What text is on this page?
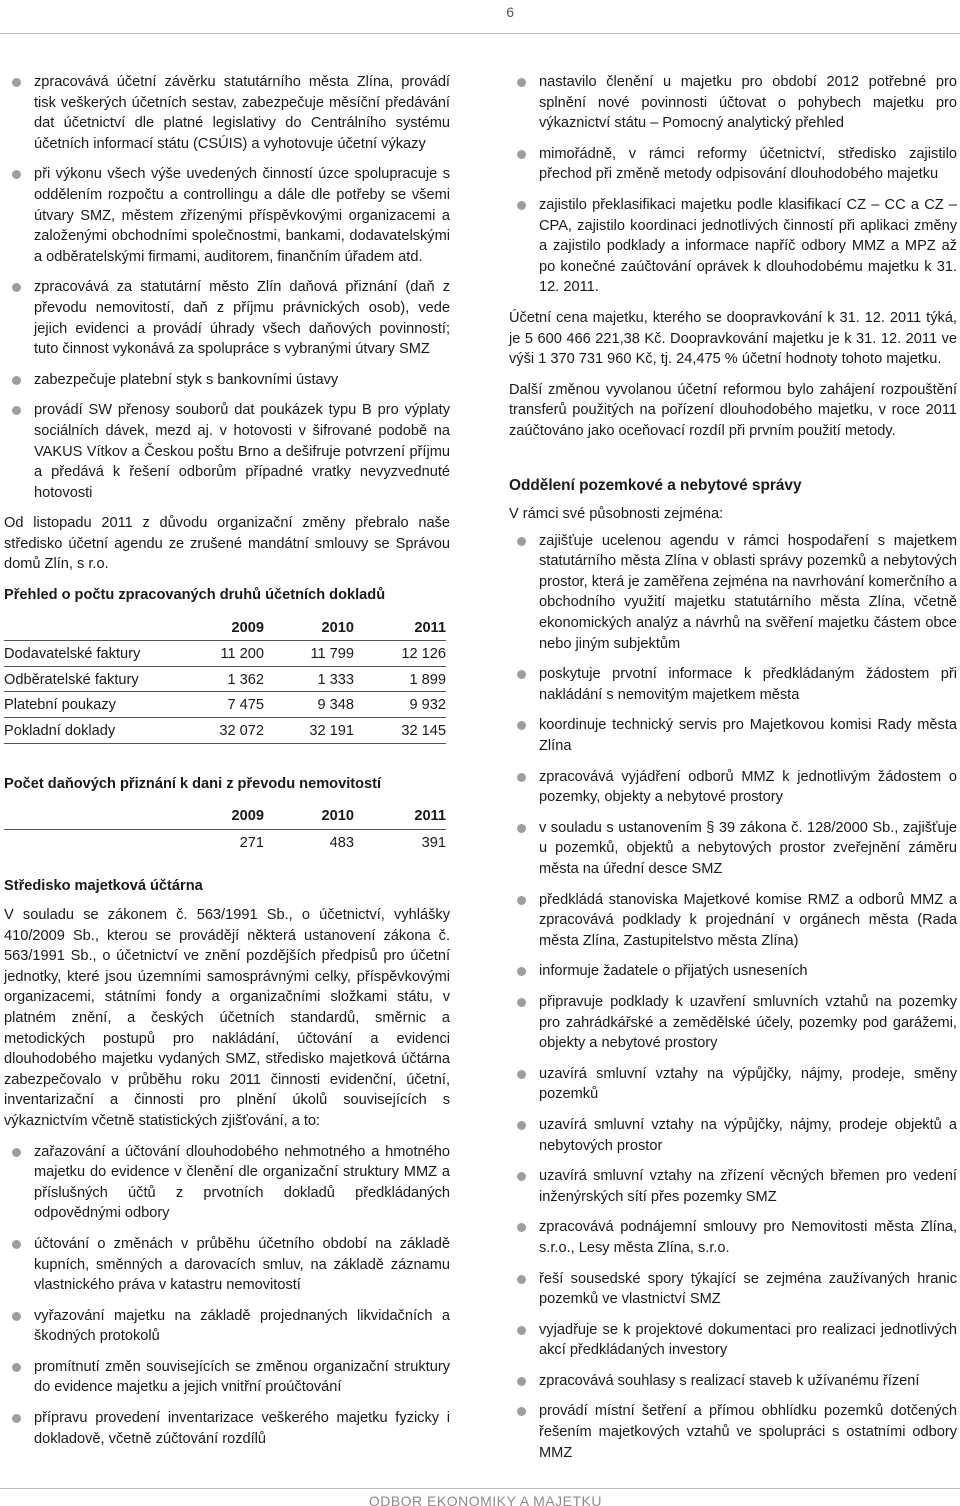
6
zpracovává účetní závěrku statutárního města Zlína, provádí tisk veškerých účetních sestav, zabezpečuje měsíční předávání dat účetnictví dle platné legislativy do Centrálního systému účetních informací státu (CSÚIS) a vyhotovuje účetní výkazy
při výkonu všech výše uvedených činností úzce spolupracuje s oddělením rozpočtu a controllingu a dále dle potřeby se všemi útvary SMZ, městem zřízenými příspěvkovými organizacemi a založenými obchodními společnostmi, bankami, dodavatelskými a odběratelskými firmami, auditorem, finančním úřadem atd.
zpracovává za statutární město Zlín daňová přiznání (daň z převodu nemovitostí, daň z příjmu právnických osob), vede jejich evidenci a provádí úhrady všech daňových povinností; tuto činnost vykonává za spolupráce s vybranými útvary SMZ
zabezpečuje platební styk s bankovními ústavy
provádí SW přenosy souborů dat poukázek typu B pro výplaty sociálních dávek, mezd aj. v hotovosti v šifrované podobě na VAKUS Vítkov a Českou poštu Brno a dešifruje potvrzení příjmu a předává k řešení odborům případné vratky nevyzvednuté hotovosti

Od listopadu 2011 z důvodu organizační změny přebralo naše středisko účetní agendu ze zrušené mandátní smlouvy se Správou domů Zlín, s r.o.

Přehled o počtu zpracovaných druhů účetních dokladů
	2009	2010	2011
Dodavatelské faktury	11 200	11 799	12 126
Odběratelské faktury	1 362	1 333	1 899
Platební poukazy	7 475	9 348	9 932
Pokladní doklady	32 072	32 191	32 145
Počet daňových přiznání k dani z převodu nemovitostí
	2009	2010	2011
	271	483	391
Středisko majetková účtárna

V souladu se zákonem č. 563/1991 Sb., o účetnictví, vyhlášky 410/2009 Sb., kterou se provádějí některá ustanovení zákona č. 563/1991 Sb., o účetnictví ve znění pozdějších předpisů pro účetní jednotky, které jsou územními samosprávnými celky, příspěvkovými organizacemi, státními fondy a organizačními složkami státu, v platném znění, a českých účetních standardů, směrnic a metodických postupů pro nakládání, účtování a evidenci dlouhodobého majetku vydaných SMZ, středisko majetková účtárna zabezpečovalo v průběhu roku 2011 činnosti evidenční, účetní, inventarizační a činnosti pro plnění úkolů souvisejících s výkaznictvím včetně statistických zjišťování, a to:

zařazování a účtování dlouhodobého nehmotného a hmotného majetku do evidence v členění dle organizační struktury MMZ a příslušných účtů z prvotních dokladů předkládaných odpovědnými odbory
účtování o změnách v průběhu účetního období na základě kupních, směnných a darovacích smluv, na základě záznamu vlastnického práva v katastru nemovitostí
vyřazování majetku na základě projednaných likvidačních a škodných protokolů
promítnutí změn souvisejících se změnou organizační struktury do evidence majetku a jejich vnitřní proúčtování
přípravu provedení inventarizace veškerého majetku fyzicky i dokladově, včetně zúčtování rozdílů
nastavilo členění u majetku pro období 2012 potřebné pro splnění nové povinnosti účtovat o pohybech majetku pro výkaznictví státu – Pomocný analytický přehled
mimořádně, v rámci reformy účetnictví, středisko zajistilo přechod při změně metody odpisování dlouhodobého majetku
zajistilo překlasifikaci majetku podle klasifikací CZ – CC a CZ – CPA, zajistilo koordinaci jednotlivých činností při aplikaci změny a zajistilo podklady a informace napříč odbory MMZ a MPZ až po konečné zaúčtování oprávek k dlouhodobému majetku k 31. 12. 2011.

Účetní cena majetku, kterého se doopravkování k 31. 12. 2011 týká, je 5 600 466 221,38 Kč. Doopravkování majetku je k 31. 12. 2011 ve výši 1 370 731 960 Kč, tj. 24,475 % účetní hodnoty tohoto majetku.

Další změnou vyvolanou účetní reformou bylo zahájení rozpouštění transferů použitých na pořízení dlouhodobého majetku, v roce 2011 zaúčtováno jako oceňovací rozdíl při prvním použití metody.

Oddělení pozemkové a nebytové správy

V rámci své působnosti zejména:

zajišťuje ucelenou agendu v rámci hospodaření s majetkem statutárního města Zlína v oblasti správy pozemků a nebytových prostor, která je zaměřena zejména na navrhování komerčního a obchodního využití majetku statutárního města Zlína, včetně ekonomických analýz a návrhů na svěření majetku částem obce nebo jiným subjektům
poskytuje prvotní informace k předkládaným žádostem při nakládání s nemovitým majetkem města
koordinuje technický servis pro Majetkovou komisi Rady města Zlína
zpracovává vyjádření odborů MMZ k jednotlivým žádostem o pozemky, objekty a nebytové prostory
v souladu s ustanovením § 39 zákona č. 128/2000 Sb., zajišťuje u pozemků, objektů a nebytových prostor zveřejnění záměru města na úřední desce SMZ
předkládá stanoviska Majetkové komise RMZ a odborů MMZ a zpracovává podklady k projednání v orgánech města (Rada města Zlína, Zastupitelstvo města Zlína)
informuje žadatele o přijatých usneseních
připravuje podklady k uzavření smluvních vztahů na pozemky pro zahrádkářské a zemědělské účely, pozemky pod garážemi, objekty a nebytové prostory
uzavírá smluvní vztahy na výpůjčky, nájmy, prodeje, směny pozemků
uzavírá smluvní vztahy na výpůjčky, nájmy, prodeje objektů a nebytových prostor
uzavírá smluvní vztahy na zřízení věcných břemen pro vedení inženýrských sítí přes pozemky SMZ
zpracovává podnájemní smlouvy pro Nemovitosti města Zlína, s.r.o., Lesy města Zlína, s.r.o.
řeší sousedské spory týkající se zejména zaužívaných hranic pozemků ve vlastnictví SMZ
vyjadřuje se k projektové dokumentaci pro realizaci jednotlivých akcí předkládaných investory
zpracovává souhlasy s realizací staveb k užívanému řízení
provádí místní šetření a přímou obhlídku pozemků dotčených řešením majetkových vztahů ve spolupráci s ostatními odbory MMZ
ODBOR EKONOMIKY A MAJETKU
